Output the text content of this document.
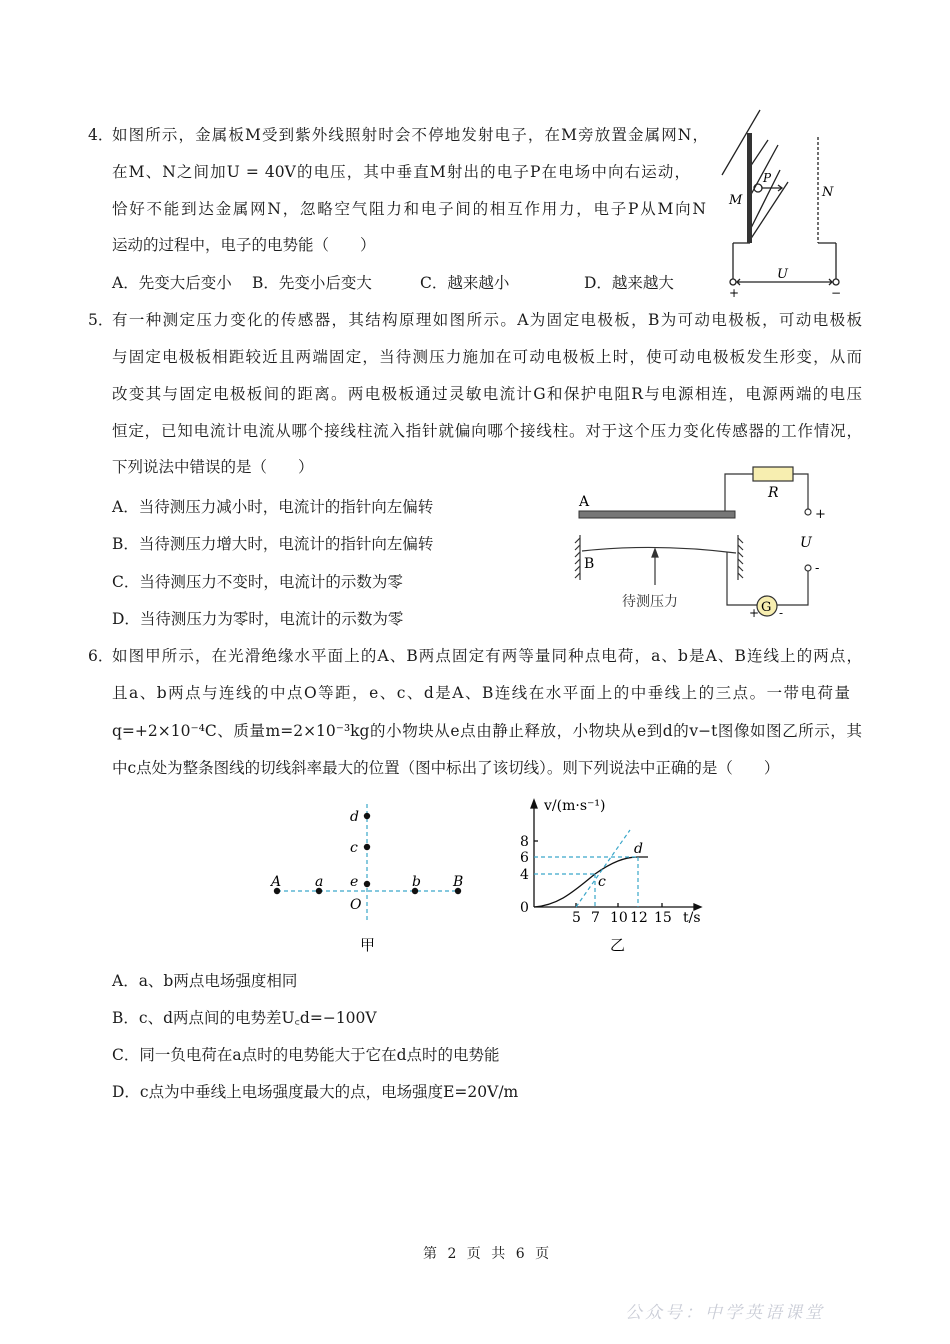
4．
如图所示，金属板M受到紫外线照射时会不停地发射电子，在M旁放置金属网N，
在M、N之间加U = 40V的电压，其中垂直M射出的电子P在电场中向右运动，
恰好不能到达金属网N，忽略空气阻力和电子间的相互作用力，电子P从M向N
运动的过程中，电子的电势能（　　）
A．先变大后变小 B．先变小后变大	C．越来越小	D．越来越大
M
N
P
U
+	−
5．
有一种测定压力变化的传感器，其结构原理如图所示。A为固定电极板，B为可动电极板，可动电极板
与固定电极板相距较近且两端固定，当待测压力施加在可动电极板上时，使可动电极板发生形变，从而
改变其与固定电极板间的距离。两电极板通过灵敏电流计G和保护电阻R与电源相连，电源两端的电压
恒定，已知电流计电流从哪个接线柱流入指针就偏向哪个接线柱。对于这个压力变化传感器的工作情况，
下列说法中错误的是（　　）
A．当待测压力减小时，电流计的指针向左偏转
B．当待测压力增大时，电流计的指针向左偏转
C．当待测压力不变时，电流计的示数为零
D．当待测压力为零时，电流计的示数为零
G
A
B
R
U
+
-
+ -
待测压力
6．
如图甲所示，在光滑绝缘水平面上的A、B两点固定有两等量同种点电荷，a、b是A、B连线上的两点，
且a、b两点与连线的中点O等距，e、c、d是A、B连线在水平面上的中垂线上的三点。一带电荷量
q=+2×10⁻⁴C、质量m=2×10⁻³kg的小物块从e点由静止释放，小物块从e到d的v−t图像如图乙所示，其
中c点处为整条图线的切线斜率最大的位置（图中标出了该切线）。则下列说法中正确的是（　　）
A a e	b B
c
d
O
甲
0
4
6
8
5 7 10 12 15 t/s
v/(m·s⁻¹)
c
d
乙
A．a、b两点电场强度相同
B．c、d两点间的电势差U꜀d=−100V
C．同一负电荷在a点时的电势能大于它在d点时的电势能
D．c点为中垂线上电场强度最大的点，电场强度E=20V/m
第 2 页 共 6 页
公众号：中学英语课堂
